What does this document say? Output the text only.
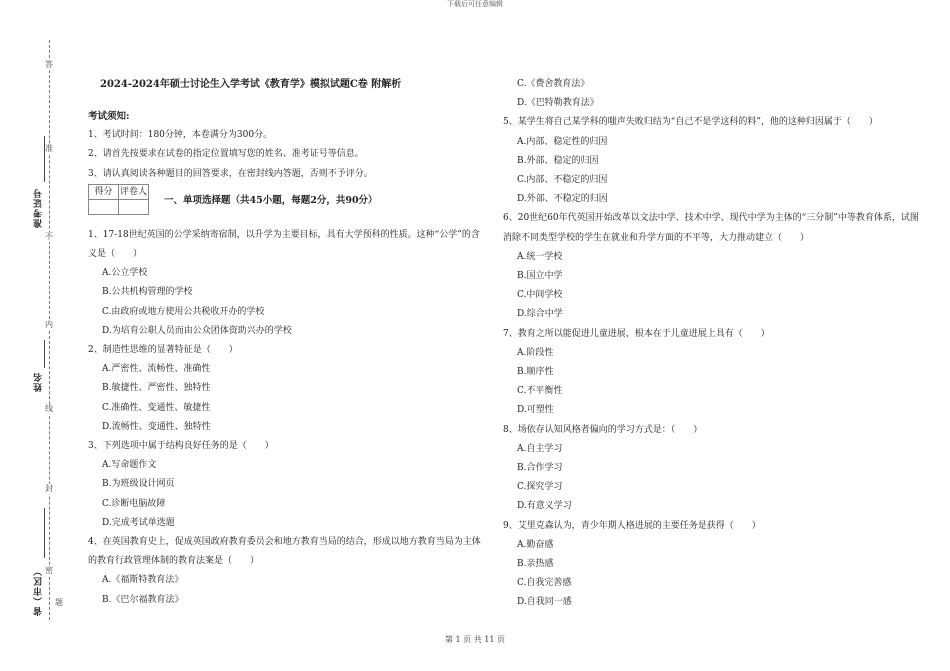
下载后可任意编辑
答
准
不
内
线
封
密
准考证号
姓名
省（市区） 题
2024-2024年硕士讨论生入学考试《教育学》模拟试题C卷 附解析
考试须知:
1、考试时间：180分钟，本卷满分为300分。
2、请首先按要求在试卷的指定位置填写您的姓名、准考证号等信息。
3、请认真阅读各种题目的回答要求，在密封线内答题，否则不予评分。
得分	评卷人

一、单项选择题（共45小题，每题2分，共90分）
1、17-18世纪英国的公学采纳寄宿制，以升学为主要目标，具有大学预科的性质。这种“公学”的含义是（　　）
A.公立学校
B.公共机构管理的学校
C.由政府或地方使用公共税收开办的学校
D.为培育公职人员而由公众团体资助兴办的学校
2、制造性思维的显著特征是（　　）
A.严密性、流畅性、准确性
B.敏捷性、严密性、独特性
C.准确性、变通性、敏捷性
D.流畅性、变通性、独特性
3、下列选项中属于结构良好任务的是（　　）
A.写命题作文
B.为班级设计网页
C.诊断电脑故障
D.完成考试单选题
4、在英国教育史上，促成英国政府教育委员会和地方教育当局的结合，形成以地方教育当局为主体的教育行政管理体制的教育法案是（　　）
A.《福斯特教育法》
B.《巴尔福教育法》
C.《费舍教育法》
D.《巴特勒教育法》
5、某学生将自己某学科的嗤声失败归结为“自己不是学这科的料”，他的这种归因属于（　　）
A.内部、稳定性的归因
B.外部、稳定的归因
C.内部、不稳定的归因
D.外部、不稳定的归因
6、20世纪60年代英国开始改革以文法中学、技术中学、现代中学为主体的“三分制”中等教育体系，试图消除不同类型学校的学生在就业和升学方面的不平等，大力推动建立（　　）
A.统一学校
B.国立中学
C.中间学校
D.综合中学
7、教育之所以能促进儿童进展，根本在于儿童进展上具有（　　）
A.阶段性
B.顺序性
C.不平衡性
D.可塑性
8、场依存认知风格者偏向的学习方式是：（　　）
A.自主学习
B.合作学习
C.探究学习
D.有意义学习
9、艾里克森认为，青少年期人格进展的主要任务是获得（　　）
A.勤奋感
B.亲热感
C.自我完善感
D.自我同一感
第 1 页 共 11 页
